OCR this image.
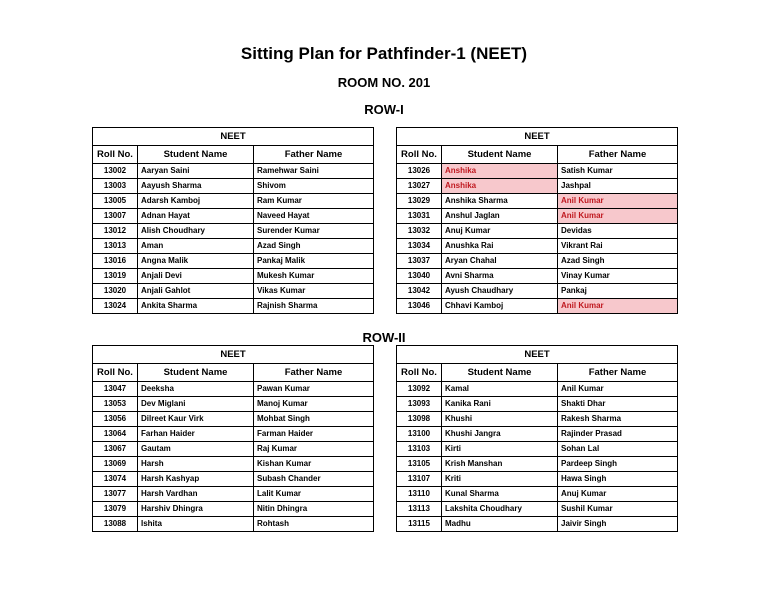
Sitting Plan for Pathfinder-1 (NEET)
ROOM NO. 201
ROW-I
ROW-II
NEET		
Roll No.	Student Name	Father Name
13002	Aaryan Saini	Ramehwar Saini
13003	Aayush Sharma	Shivom
13005	Adarsh Kamboj	Ram Kumar
13007	Adnan Hayat	Naveed Hayat
13012	Alish Choudhary	Surender Kumar
13013	Aman	Azad Singh
13016	Angna Malik	Pankaj Malik
13019	Anjali Devi	Mukesh Kumar
13020	Anjali Gahlot	Vikas Kumar
13024	Ankita Sharma	Rajnish Sharma
NEET		
Roll No.	Student Name	Father Name
13026	Anshika	Satish Kumar
13027	Anshika	Jashpal
13029	Anshika Sharma	Anil Kumar
13031	Anshul Jaglan	Anil Kumar
13032	Anuj Kumar	Devidas
13034	Anushka Rai	Vikrant Rai
13037	Aryan Chahal	Azad Singh
13040	Avni Sharma	Vinay Kumar
13042	Ayush Chaudhary	Pankaj
13046	Chhavi Kamboj	Anil Kumar
NEET		
Roll No.	Student Name	Father Name
13047	Deeksha	Pawan Kumar
13053	Dev Miglani	Manoj Kumar
13056	Dilreet Kaur Virk	Mohbat Singh
13064	Farhan Haider	Farman Haider
13067	Gautam	Raj Kumar
13069	Harsh	Kishan Kumar
13074	Harsh Kashyap	Subash Chander
13077	Harsh Vardhan	Lalit Kumar
13079	Harshiv Dhingra	Nitin Dhingra
13088	Ishita	Rohtash
NEET		
Roll No.	Student Name	Father Name
13092	Kamal	Anil Kumar
13093	Kanika Rani	Shakti Dhar
13098	Khushi	Rakesh Sharma
13100	Khushi Jangra	Rajinder Prasad
13103	Kirti	Sohan Lal
13105	Krish Manshan	Pardeep Singh
13107	Kriti	Hawa Singh
13110	Kunal Sharma	Anuj Kumar
13113	Lakshita Choudhary	Sushil Kumar
13115	Madhu	Jaivir Singh
